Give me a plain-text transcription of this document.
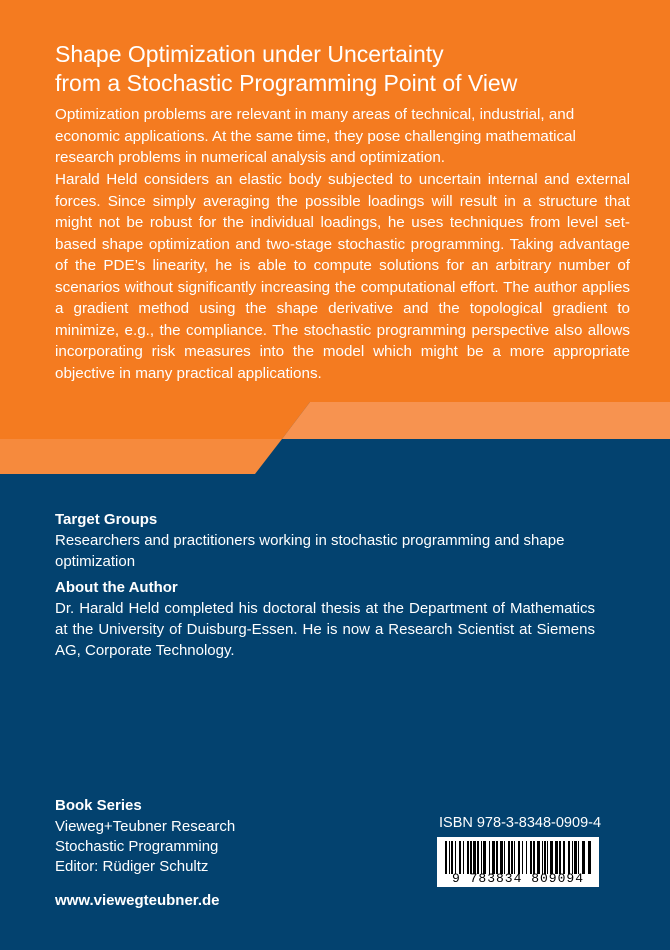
Shape Optimization under Uncertainty
from a Stochastic Programming Point of View

Optimization problems are relevant in many areas of technical, industrial, and economic applications. At the same time, they pose challenging mathematical research problems in numerical analysis and optimization.

Harald Held considers an elastic body subjected to uncertain internal and external forces. Since simply averaging the possible loadings will result in a structure that might not be robust for the individual loadings, he uses techniques from level set-based shape optimization and two-stage stochastic programming. Taking advantage of the PDE’s linearity, he is able to compute solutions for an arbitrary number of scenarios without significantly increasing the computational effort. The author applies a gradient method using the shape derivative and the topological gradient to minimize, e.g., the compliance. The stochastic programming perspective also allows incorporating risk measures into the model which might be a more appropriate objective in many practical applications.

Target Groups
Researchers and practitioners working in stochastic programming and shape optimization
About the Author
Dr. Harald Held completed his doctoral thesis at the Department of Mathematics at the University of Duisburg-Essen. He is now a Research Scientist at Siemens AG, Corporate Technology.
Book Series
Vieweg+Teubner Research
Stochastic Programming
Editor: Rüdiger Schultz
www.viewegteubner.de
ISBN 978-3-8348-0909-4
9 783834 809094
